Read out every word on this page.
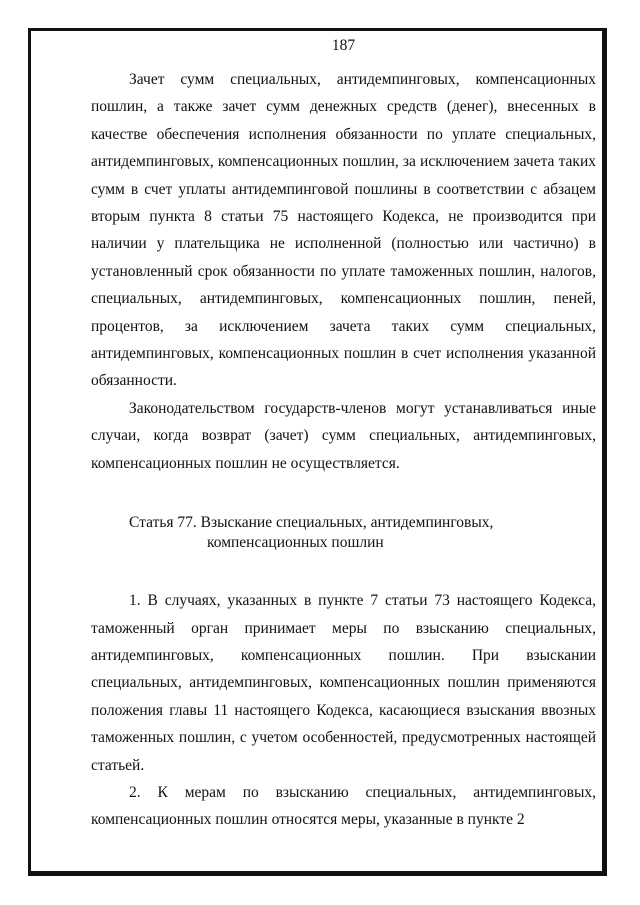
187

Зачет сумм специальных, антидемпинговых, компенсационных пошлин, а также зачет сумм денежных средств (денег), внесенных в качестве обеспечения исполнения обязанности по уплате специальных, антидемпинговых, компенсационных пошлин, за исключением зачета таких сумм в счет уплаты антидемпинговой пошлины в соответствии с абзацем вторым пункта 8 статьи 75 настоящего Кодекса, не производится при наличии у плательщика не исполненной (полностью или частично) в установленный срок обязанности по уплате таможенных пошлин, налогов, специальных, антидемпинговых, компенсационных пошлин, пеней, процентов, за исключением зачета таких сумм специальных, антидемпинговых, компенсационных пошлин в счет исполнения указанной обязанности.

Законодательством государств-членов могут устанавливаться иные случаи, когда возврат (зачет) сумм специальных, антидемпинговых, компенсационных пошлин не осуществляется.

Статья 77. Взыскание специальных, антидемпинговых,
компенсационных пошлин

1. В случаях, указанных в пункте 7 статьи 73 настоящего Кодекса, таможенный орган принимает меры по взысканию специальных, антидемпинговых, компенсационных пошлин. При взыскании специальных, антидемпинговых, компенсационных пошлин применяются положения главы 11 настоящего Кодекса, касающиеся взыскания ввозных таможенных пошлин, с учетом особенностей, предусмотренных настоящей статьей.

2. К мерам по взысканию специальных, антидемпинговых, компенсационных пошлин относятся меры, указанные в пункте 2
